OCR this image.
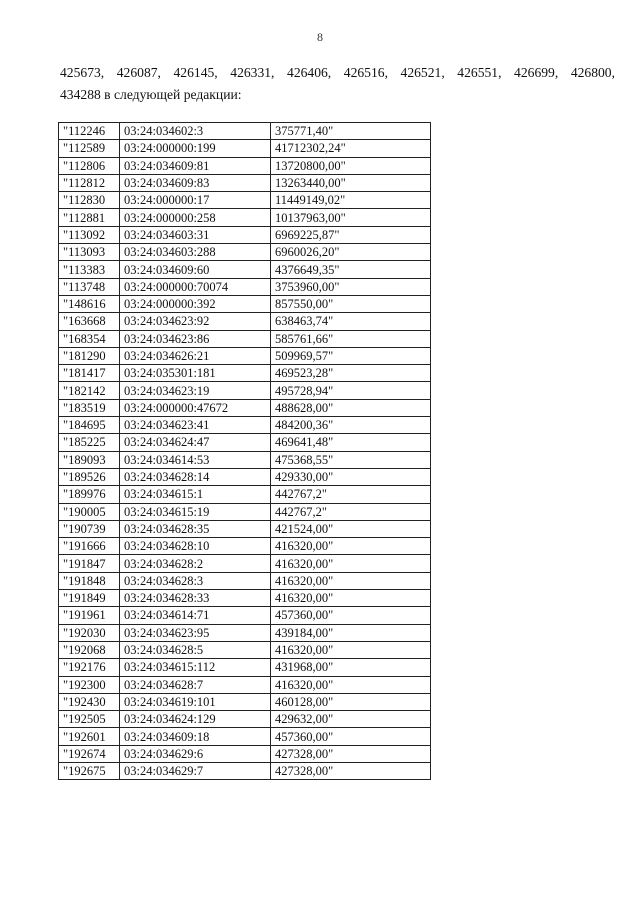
8
425673, 426087, 426145, 426331, 426406, 426516, 426521, 426551, 426699, 426800,
434288 в следующей редакции:
"112246	03:24:034602:3	375771,40"
"112589	03:24:000000:199	41712302,24"
"112806	03:24:034609:81	13720800,00"
"112812	03:24:034609:83	13263440,00"
"112830	03:24:000000:17	11449149,02"
"112881	03:24:000000:258	10137963,00"
"113092	03:24:034603:31	6969225,87"
"113093	03:24:034603:288	6960026,20"
"113383	03:24:034609:60	4376649,35"
"113748	03:24:000000:70074	3753960,00"
"148616	03:24:000000:392	857550,00"
"163668	03:24:034623:92	638463,74"
"168354	03:24:034623:86	585761,66"
"181290	03:24:034626:21	509969,57"
"181417	03:24:035301:181	469523,28"
"182142	03:24:034623:19	495728,94"
"183519	03:24:000000:47672	488628,00"
"184695	03:24:034623:41	484200,36"
"185225	03:24:034624:47	469641,48"
"189093	03:24:034614:53	475368,55"
"189526	03:24:034628:14	429330,00"
"189976	03:24:034615:1	442767,2"
"190005	03:24:034615:19	442767,2"
"190739	03:24:034628:35	421524,00"
"191666	03:24:034628:10	416320,00"
"191847	03:24:034628:2	416320,00"
"191848	03:24:034628:3	416320,00"
"191849	03:24:034628:33	416320,00"
"191961	03:24:034614:71	457360,00"
"192030	03:24:034623:95	439184,00"
"192068	03:24:034628:5	416320,00"
"192176	03:24:034615:112	431968,00"
"192300	03:24:034628:7	416320,00"
"192430	03:24:034619:101	460128,00"
"192505	03:24:034624:129	429632,00"
"192601	03:24:034609:18	457360,00"
"192674	03:24:034629:6	427328,00"
"192675	03:24:034629:7	427328,00"
